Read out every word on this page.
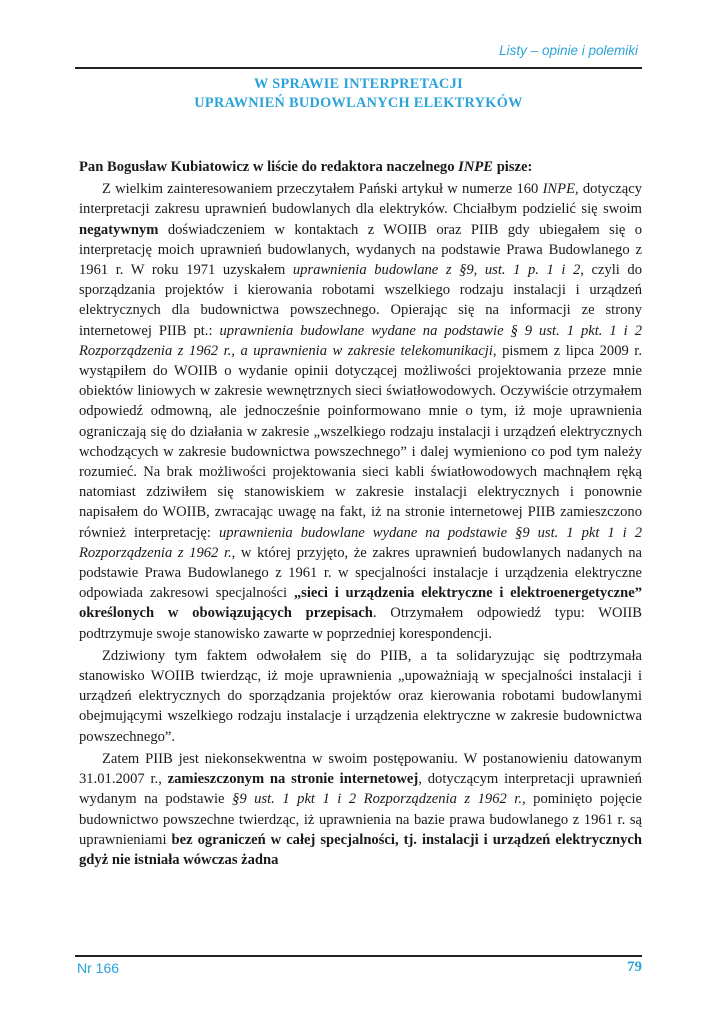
Listy – opinie i polemiki
W SPRAWIE INTERPRETACJI
UPRAWNIEŃ BUDOWLANYCH ELEKTRYKÓW

Pan Bogusław Kubiatowicz w liście do redaktora naczelnego INPE pisze:

Z wielkim zainteresowaniem przeczytałem Pański artykuł w numerze 160 INPE, dotyczący interpretacji zakresu uprawnień budowlanych dla elektryków. Chciałbym podzielić się swoim negatywnym doświadczeniem w kontaktach z WOIIB oraz PIIB gdy ubiegałem się o interpretację moich uprawnień budowlanych, wydanych na podstawie Prawa Budowlanego z 1961 r. W roku 1971 uzyskałem uprawnienia budowlane z §9, ust. 1 p. 1 i 2, czyli do sporządzania projektów i kierowania robotami wszelkiego rodzaju instalacji i urządzeń elektrycznych dla budownictwa powszechnego. Opierając się na informacji ze strony internetowej PIIB pt.: uprawnienia budowlane wydane na podstawie § 9 ust. 1 pkt. 1 i 2 Rozporządzenia z 1962 r., a uprawnienia w zakresie telekomunikacji, pismem z lipca 2009 r. wystąpiłem do WOIIB o wydanie opinii dotyczącej możliwości projektowania przeze mnie obiektów liniowych w zakresie wewnętrznych sieci światłowodowych. Oczywiście otrzymałem odpowiedź odmowną, ale jednocześnie poinformowano mnie o tym, iż moje uprawnienia ograniczają się do działania w zakresie „wszelkiego rodzaju instalacji i urządzeń elektrycznych wchodzących w zakresie budownictwa powszechnego” i dalej wymieniono co pod tym należy rozumieć. Na brak możliwości projektowania sieci kabli światłowodowych machnąłem ręką natomiast zdziwiłem się stanowiskiem w zakresie instalacji elektrycznych i ponownie napisałem do WOIIB, zwracając uwagę na fakt, iż na stronie internetowej PIIB zamieszczono również interpretację: uprawnienia budowlane wydane na podstawie §9 ust. 1 pkt 1 i 2 Rozporządzenia z 1962 r., w której przyjęto, że zakres uprawnień budowlanych nadanych na podstawie Prawa Budowlanego z 1961 r. w specjalności instalacje i urządzenia elektryczne odpowiada zakresowi specjalności „sieci i urządzenia elektryczne i elektroenergetyczne” określonych w obowiązujących przepisach. Otrzymałem odpowiedź typu: WOIIB podtrzymuje swoje stanowisko zawarte w poprzedniej korespondencji.

Zdziwiony tym faktem odwołałem się do PIIB, a ta solidaryzując się podtrzymała stanowisko WOIIB twierdząc, iż moje uprawnienia „upoważniają w specjalności instalacji i urządzeń elektrycznych do sporządzania projektów oraz kierowania robotami budowlanymi obejmującymi wszelkiego rodzaju instalacje i urządzenia elektryczne w zakresie budownictwa powszechnego”.

Zatem PIIB jest niekonsekwentna w swoim postępowaniu. W postanowieniu datowanym 31.01.2007 r., zamieszczonym na stronie internetowej, dotyczącym interpretacji uprawnień wydanym na podstawie §9 ust. 1 pkt 1 i 2 Rozporządzenia z 1962 r., pominięto pojęcie budownictwo powszechne twierdząc, iż uprawnienia na bazie prawa budowlanego z 1961 r. są uprawnieniami bez ograniczeń w całej specjalności, tj. instalacji i urządzeń elektrycznych gdyż nie istniała wówczas żadna

Nr 166	79
